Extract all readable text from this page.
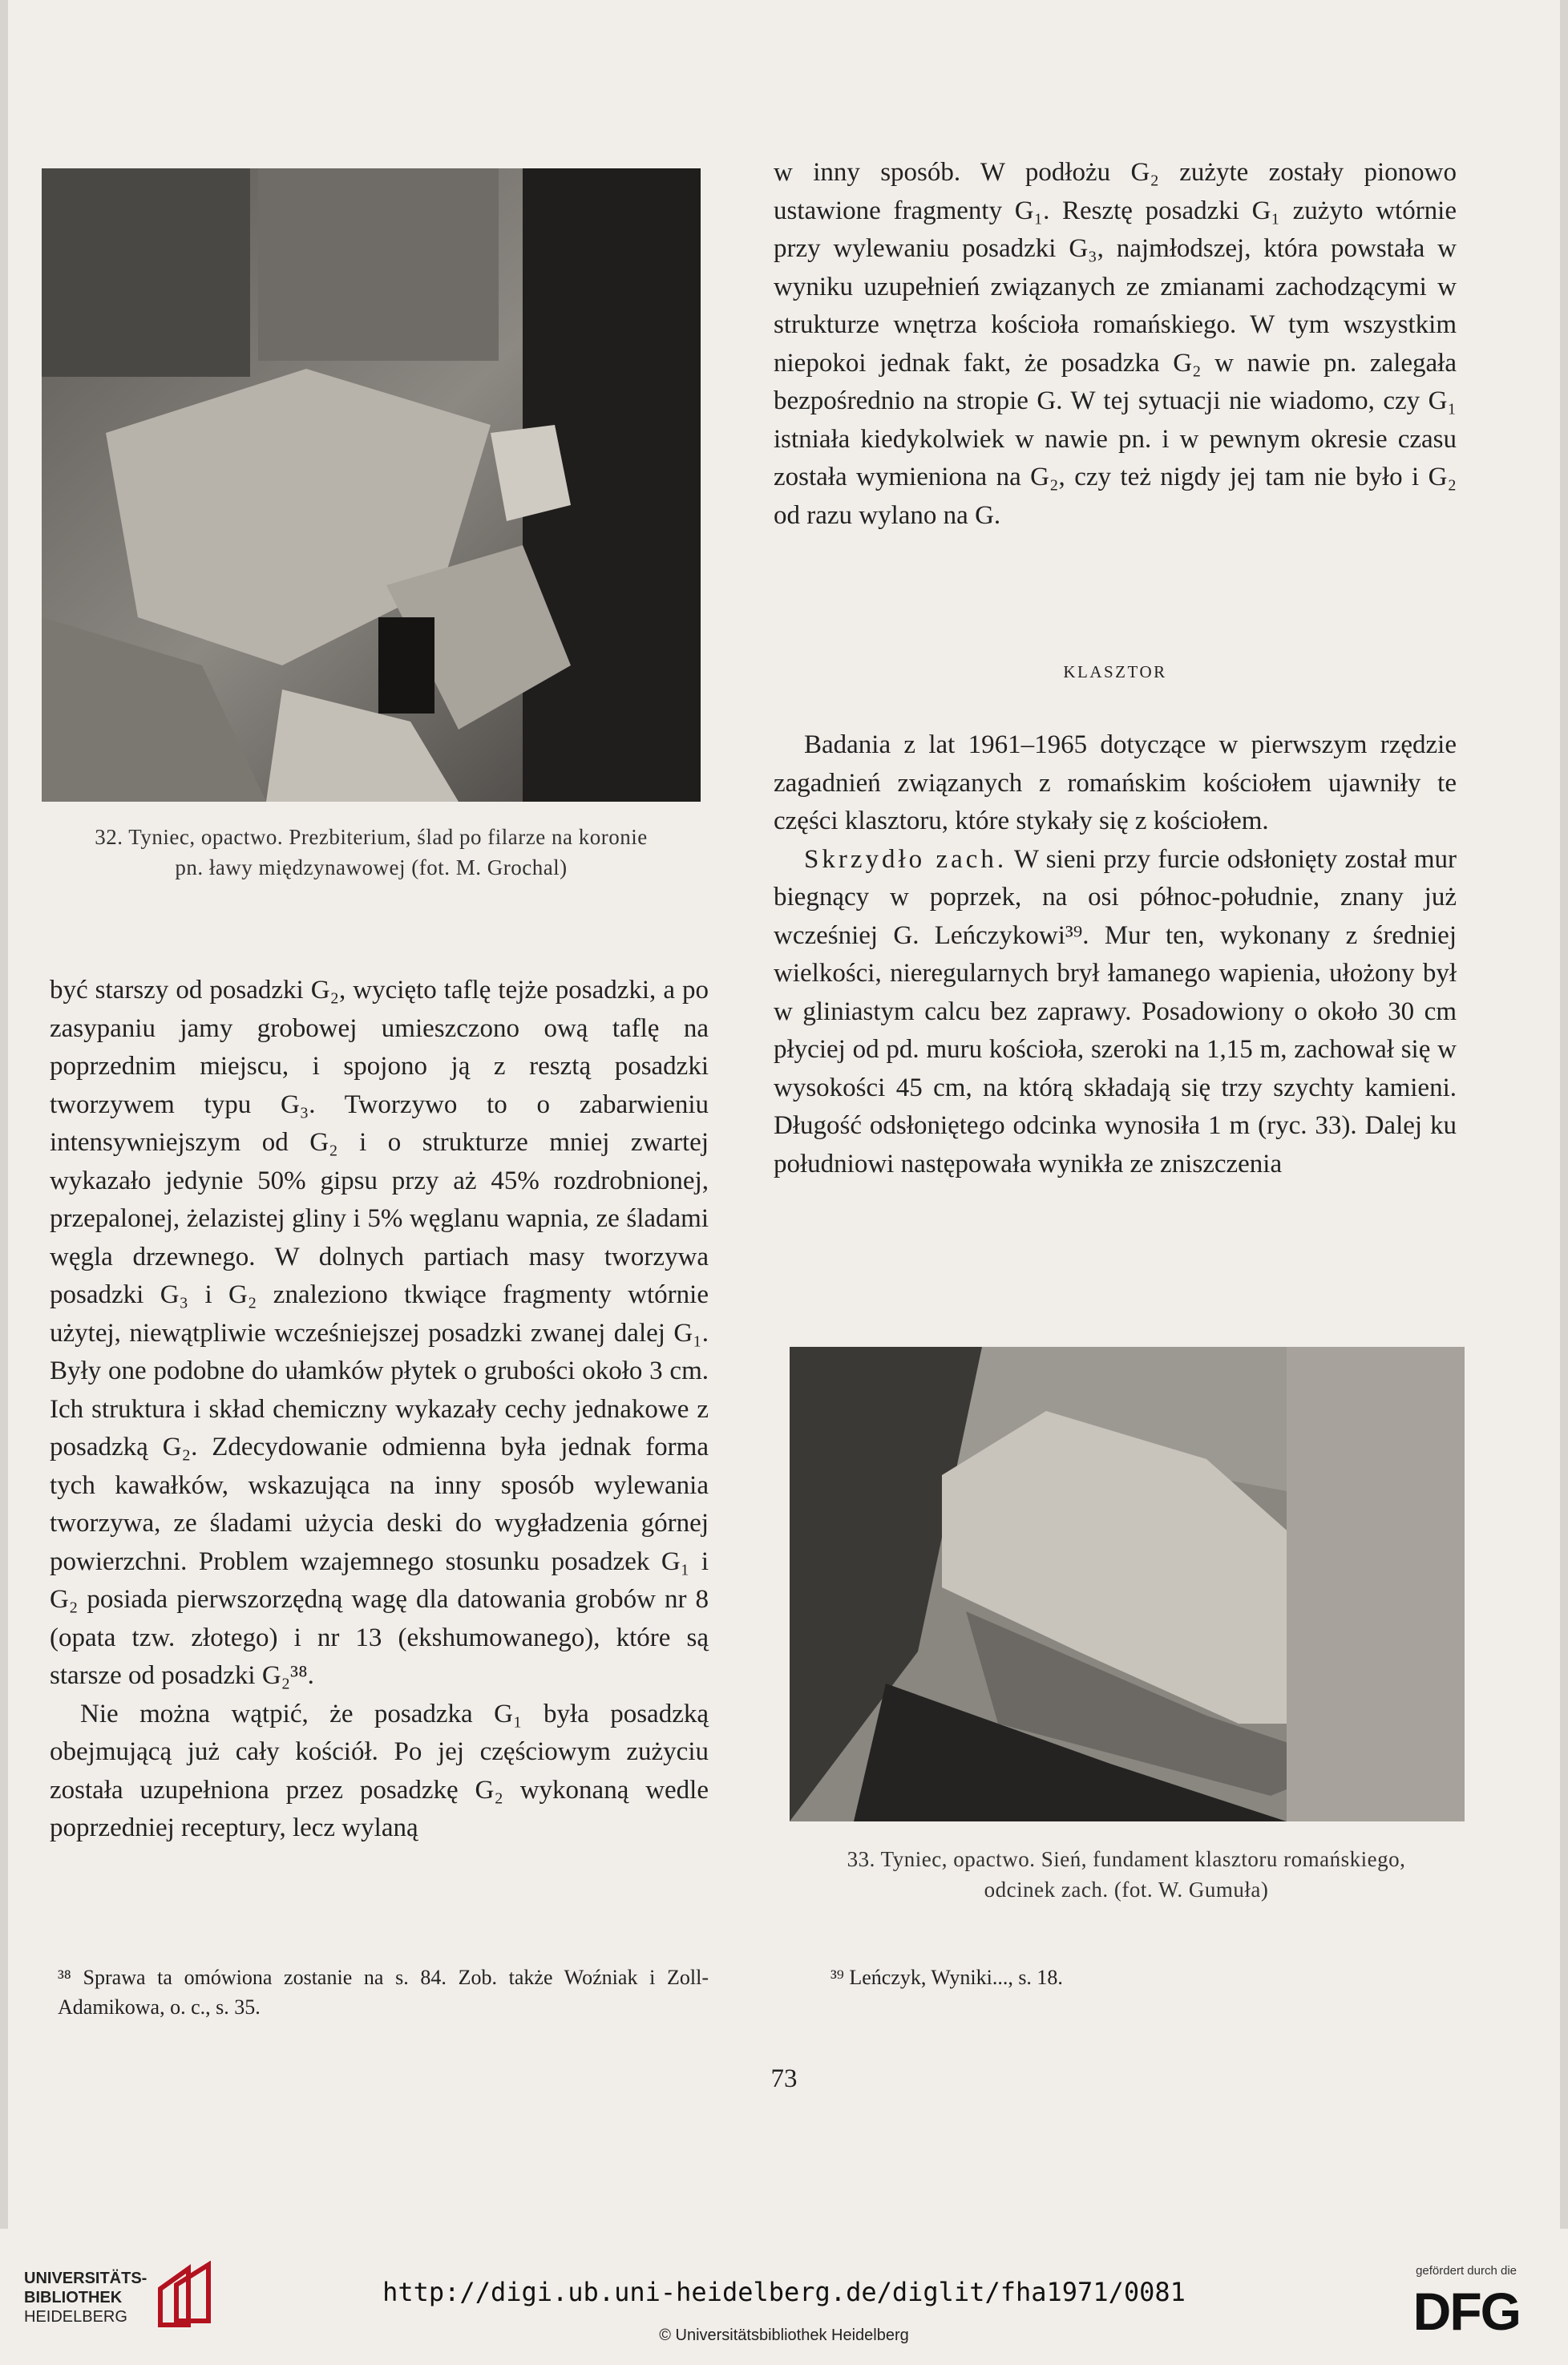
32. Tyniec, opactwo. Prezbiterium, ślad po filarze na koronie
pn. ławy międzynawowej (fot. M. Grochal)

być starszy od posadzki G₂, wycięto taflę tejże posadzki, a po zasypaniu jamy grobowej umieszczono ową taflę na poprzednim miejscu, i spojono ją z resztą posadzki tworzywem typu G₃. Tworzywo to o zabarwieniu intensywniejszym od G₂ i o strukturze mniej zwartej wykazało jedynie 50% gipsu przy aż 45% rozdrobnionej, przepalonej, żelazistej gliny i 5% węglanu wapnia, ze śladami węgla drzewnego. W dolnych partiach masy tworzywa posadzki G₃ i G₂ znaleziono tkwiące fragmenty wtórnie użytej, niewątpliwie wcześniejszej posadzki zwanej dalej G₁. Były one podobne do ułamków płytek o grubości około 3 cm. Ich struktura i skład chemiczny wykazały cechy jednakowe z posadzką G₂. Zdecydowanie odmienna była jednak forma tych kawałków, wskazująca na inny sposób wylewania tworzywa, ze śladami użycia deski do wygładzenia górnej powierzchni. Problem wzajemnego stosunku posadzek G₁ i G₂ posiada pierwszorzędną wagę dla datowania grobów nr 8 (opata tzw. złotego) i nr 13 (ekshumowanego), które są starsze od posadzki G₂³⁸.

Nie można wątpić, że posadzka G₁ była posadzką obejmującą już cały kościół. Po jej częściowym zużyciu została uzupełniona przez posadzkę G₂ wykonaną wedle poprzedniej receptury, lecz wylaną

w inny sposób. W podłożu G₂ zużyte zostały pionowo ustawione fragmenty G₁. Resztę posadzki G₁ zużyto wtórnie przy wylewaniu posadzki G₃, najmłodszej, która powstała w wyniku uzupełnień związanych ze zmianami zachodzącymi w strukturze wnętrza kościoła romańskiego. W tym wszystkim niepokoi jednak fakt, że posadzka G₂ w nawie pn. zalegała bezpośrednio na stropie G. W tej sytuacji nie wiadomo, czy G₁ istniała kiedykolwiek w nawie pn. i w pewnym okresie czasu została wymieniona na G₂, czy też nigdy jej tam nie było i G₂ od razu wylano na G.

KLASZTOR

Badania z lat 1961–1965 dotyczące w pierwszym rzędzie zagadnień związanych z romańskim kościołem ujawniły te części klasztoru, które stykały się z kościołem.

Skrzydło zach. W sieni przy furcie odsłonięty został mur biegnący w poprzek, na osi północ-południe, znany już wcześniej G. Leńczykowi³⁹. Mur ten, wykonany z średniej wielkości, nieregularnych brył łamanego wapienia, ułożony był w gliniastym calcu bez zaprawy. Posadowiony o około 30 cm płyciej od pd. muru kościoła, szeroki na 1,15 m, zachował się w wysokości 45 cm, na którą składają się trzy szychty kamieni. Długość odsłoniętego odcinka wynosiła 1 m (ryc. 33). Dalej ku południowi następowała wynikła ze zniszczenia

33. Tyniec, opactwo. Sień, fundament klasztoru romańskiego,
odcinek zach. (fot. W. Gumuła)
³⁸ Sprawa ta omówiona zostanie na s. 84. Zob. także Woźniak i Zoll-Adamikowa, o. c., s. 35.
³⁹ Leńczyk, Wyniki..., s. 18.
73
UNIVERSITÄTS-
BIBLIOTHEK
HEIDELBERG
http://digi.ub.uni-heidelberg.de/diglit/fha1971/0081
© Universitätsbibliothek Heidelberg
gefördert durch die
DFG
